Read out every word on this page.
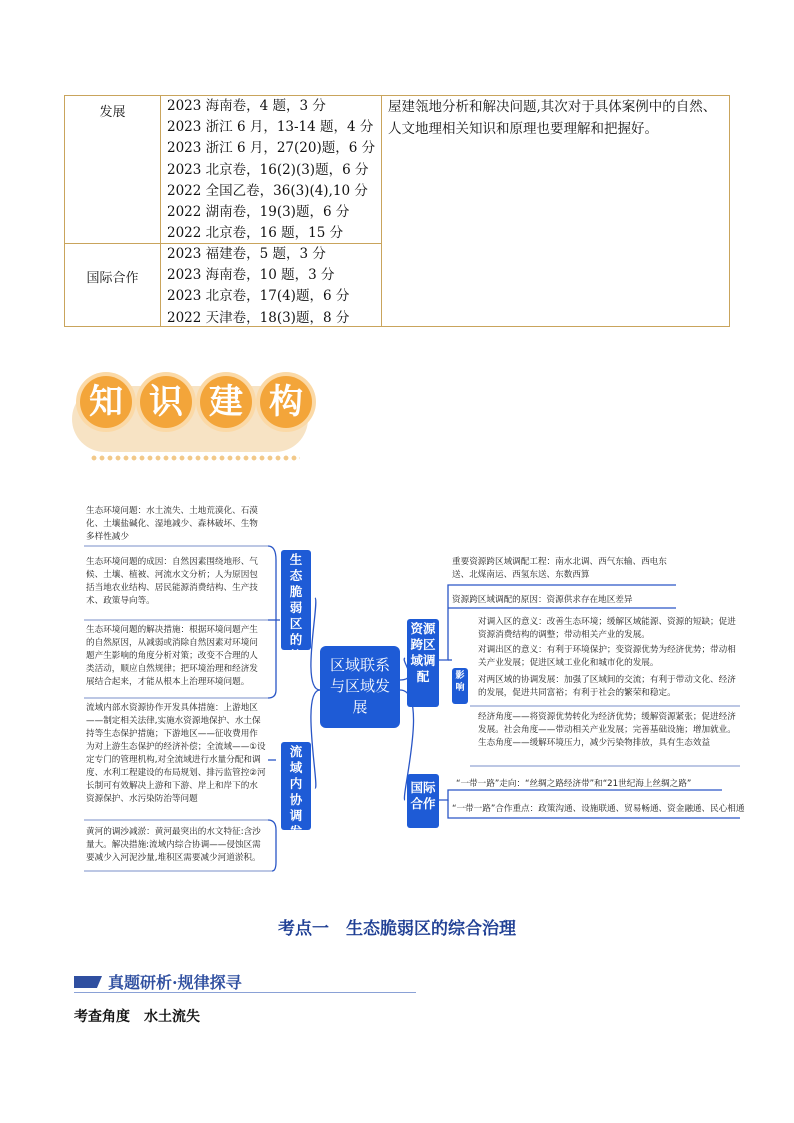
发展	2023 海南卷，4 题，3 分
2023 浙江 6 月，13-14 题，4 分
2023 浙江 6 月，27(20)题，6 分
2023 北京卷，16(2)(3)题，6 分
2022 全国乙卷，36(3)(4),10 分
2022 湖南卷，19(3)题，6 分
2022 北京卷，16 题，15 分
国际合作
2023 福建卷，5 题，3 分
2023 海南卷，10 题，3 分
2023 北京卷，17(4)题，6 分
2022 天津卷，18(3)题，8 分
屋建瓴地分析和解决问题,其次对于具体案例中的自然、人文地理相关知识和原理也要理解和把握好。
知 识 建 构
生态环境问题：水土流失、土地荒漠化、石漠化、土壤盐碱化、湿地减少、森林破坏、生物多样性减少
生态环境问题的成因：自然因素围绕地形、气候、土壤、植被、河流水文分析；人为原因包括当地农业结构、居民能源消费结构、生产技术、政策导向等。
生态环境问题的解决措施：根据环境问题产生的自然原因，从减弱或消除自然因素对环境问题产生影响的角度分析对策；改变不合理的人类活动，顺应自然规律；把环境治理和经济发展结合起来，才能从根本上治理环境问题。
流域内部水资源协作开发具体措施：上游地区——制定相关法律,实施水资源地保护、水土保持等生态保护措施；下游地区——征收费用作为对上游生态保护的经济补偿；全流域——①设定专门的管理机构,对全流域进行水量分配和调度、水利工程建设的布局规划、排污监管控②河长制可有效解决上游和下游、岸上和岸下的水资源保护、水污染防治等问题
黄河的调沙减淤：黄河最突出的水文特征:含沙量大。解决措施:流域内综合协调——侵蚀区需要减少入河泥沙量,堆积区需要减少河道淤积。
生态脆弱区的综合治理
流域内协调发展
区域联系与区域发展
资源跨区域调配
国际合作
影响
重要资源跨区域调配工程：南水北调、西气东输、西电东送、北煤南运、西氢东送、东数西算
资源跨区域调配的原因：资源供求存在地区差异
对调入区的意义：改善生态环境；缓解区域能源、资源的短缺；促进资源消费结构的调整；带动相关产业的发展。
对调出区的意义：有利于环境保护；变资源优势为经济优势；带动相关产业发展；促进区域工业化和城市化的发展。
对两区域的协调发展：加强了区域间的交流；有利于带动文化、经济的发展，促进共同富裕；有利于社会的繁荣和稳定。
经济角度——将资源优势转化为经济优势；缓解资源紧张；促进经济发展。社会角度——带动相关产业发展；完善基础设施；增加就业。生态角度——缓解环境压力，减少污染物排放，具有生态效益
“一带一路”走向：“丝绸之路经济带”和“21世纪海上丝绸之路”
“一带一路”合作重点：政策沟通、设施联通、贸易畅通、资金融通、民心相通
考点一　生态脆弱区的综合治理
真题研析·规律探寻
考查角度　水土流失
